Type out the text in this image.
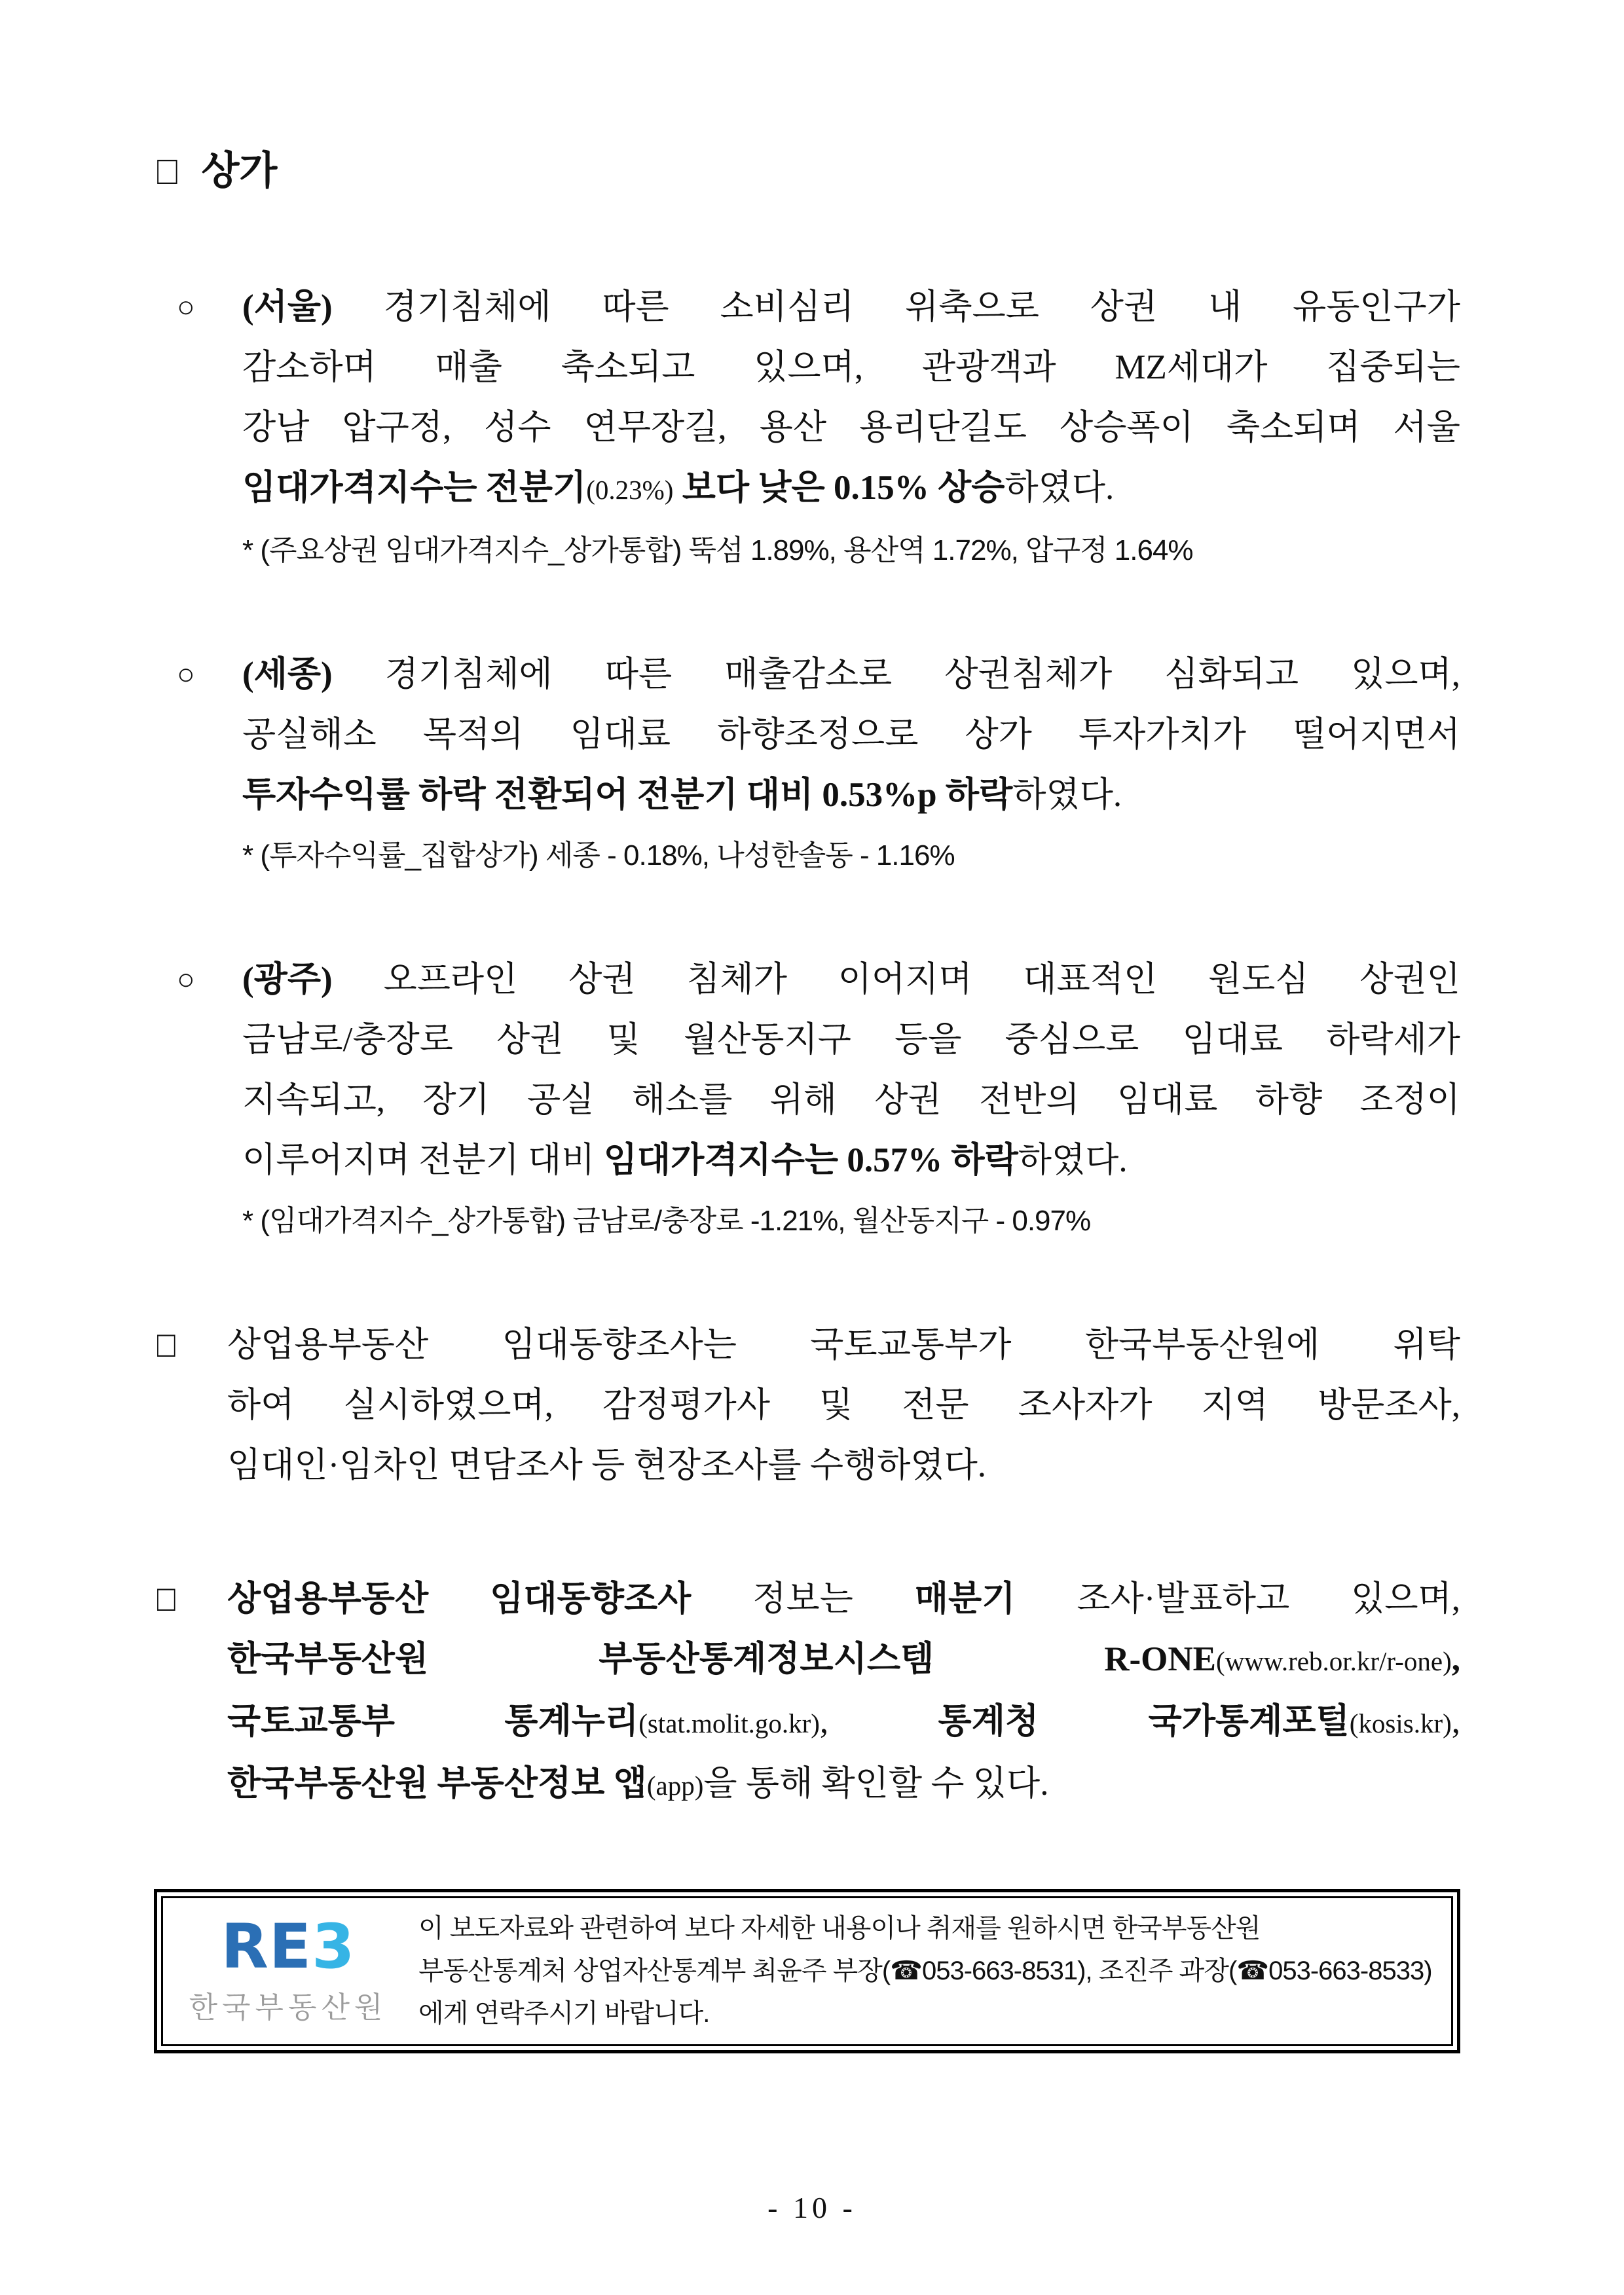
□ 상가
○	(서울) 경기침체에 따른 소비심리 위축으로 상권 내 유동인구가
감소하며 매출 축소되고 있으며, 관광객과 MZ세대가 집중되는
강남 압구정, 성수 연무장길, 용산 용리단길도 상승폭이 축소되며 서울
임대가격지수는 전분기(0.23%) 보다 낮은 0.15% 상승하였다.
* (주요상권 임대가격지수_상가통합) 뚝섬 1.89%, 용산역 1.72%, 압구정 1.64%
○	(세종) 경기침체에 따른 매출감소로 상권침체가 심화되고 있으며,
공실해소 목적의 임대료 하향조정으로 상가 투자가치가 떨어지면서
투자수익률 하락 전환되어 전분기 대비 0.53%p 하락하였다.
* (투자수익률_집합상가) 세종 - 0.18%, 나성한솔동 - 1.16%
○	(광주) 오프라인 상권 침체가 이어지며 대표적인 원도심 상권인
금남로/충장로 상권 및 월산동지구 등을 중심으로 임대료 하락세가
지속되고, 장기 공실 해소를 위해 상권 전반의 임대료 하향 조정이
이루어지며 전분기 대비 임대가격지수는 0.57% 하락하였다.
* (임대가격지수_상가통합) 금남로/충장로 -1.21%, 월산동지구 - 0.97%
□	상업용부동산 임대동향조사는 국토교통부가 한국부동산원에 위탁
하여 실시하였으며, 감정평가사 및 전문 조사자가 지역 방문조사,
임대인·임차인 면담조사 등 현장조사를 수행하였다.
□	상업용부동산 임대동향조사 정보는 매분기 조사·발표하고 있으며,
한국부동산원 부동산통계정보시스템 R-ONE(www.reb.or.kr/r-one),
국토교통부 통계누리(stat.molit.go.kr), 통계청 국가통계포털(kosis.kr),
한국부동산원 부동산정보 앱(app)을 통해 확인할 수 있다.
RE3
한국부동산원
이 보도자료와 관련하여 보다 자세한 내용이나 취재를 원하시면 한국부동산원
부동산통계처 상업자산통계부 최윤주 부장(☎053-663-8531), 조진주 과장(☎053-663-8533)
에게 연락주시기 바랍니다.
- 10 -
